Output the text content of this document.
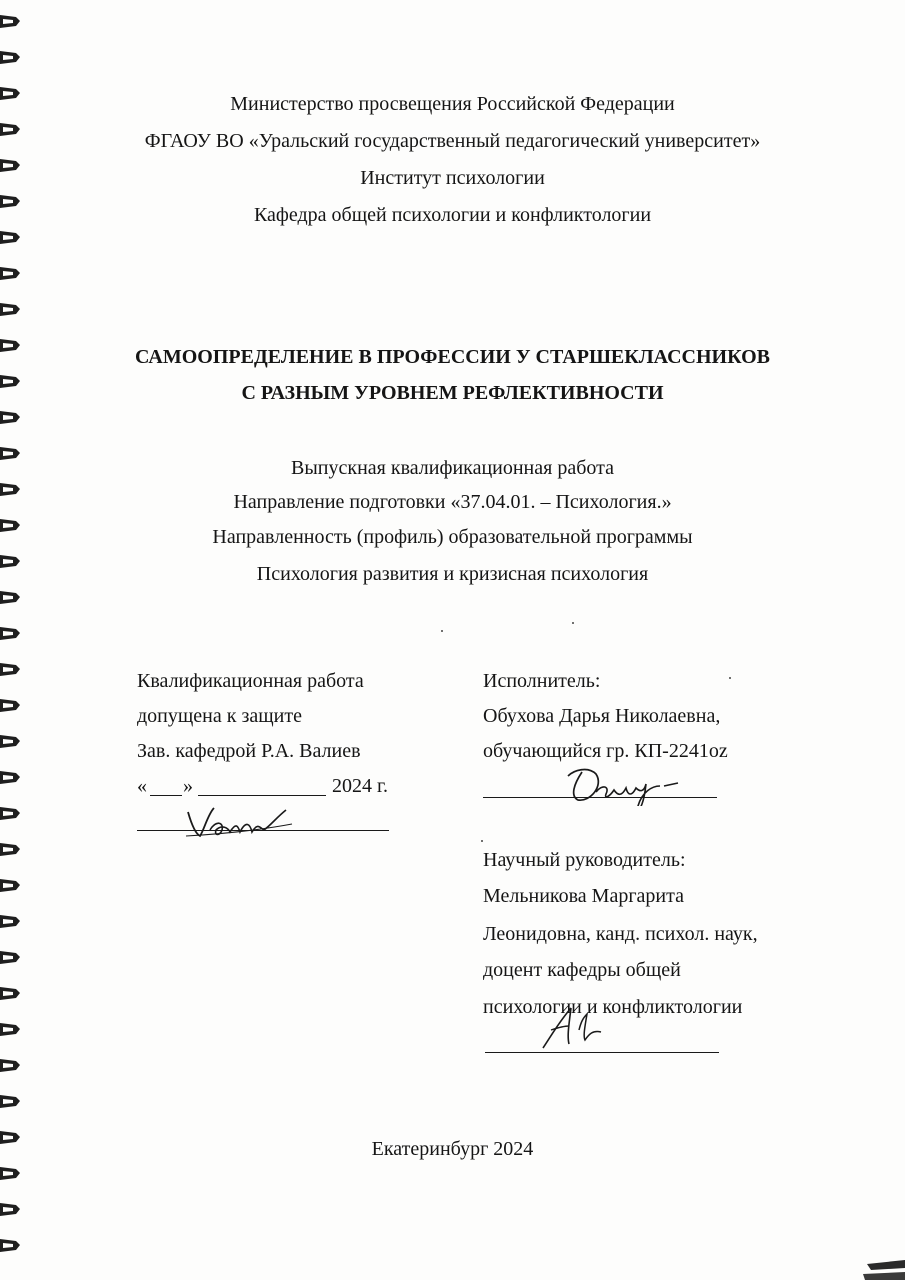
Министерство просвещения Российской Федерации
ФГАОУ ВО «Уральский государственный педагогический университет»
Институт психологии
Кафедра общей психологии и конфликтологии
САМООПРЕДЕЛЕНИЕ В ПРОФЕССИИ У СТАРШЕКЛАССНИКОВ
С РАЗНЫМ УРОВНЕМ РЕФЛЕКТИВНОСТИ
Выпускная квалификационная работа
Направление подготовки «37.04.01. – Психология.»
Направленность (профиль) образовательной программы
Психология развития и кризисная психология
Квалификационная работа
допущена к защите
Зав. кафедрой Р.А. Валиев
« »	2024 г.
Исполнитель:
Обухова Дарья Николаевна,
обучающийся гр. КП-2241оz
Научный руководитель:
Мельникова Маргарита
Леонидовна, канд. психол. наук,
доцент кафедры общей
психологии и конфликтологии
Екатеринбург 2024
